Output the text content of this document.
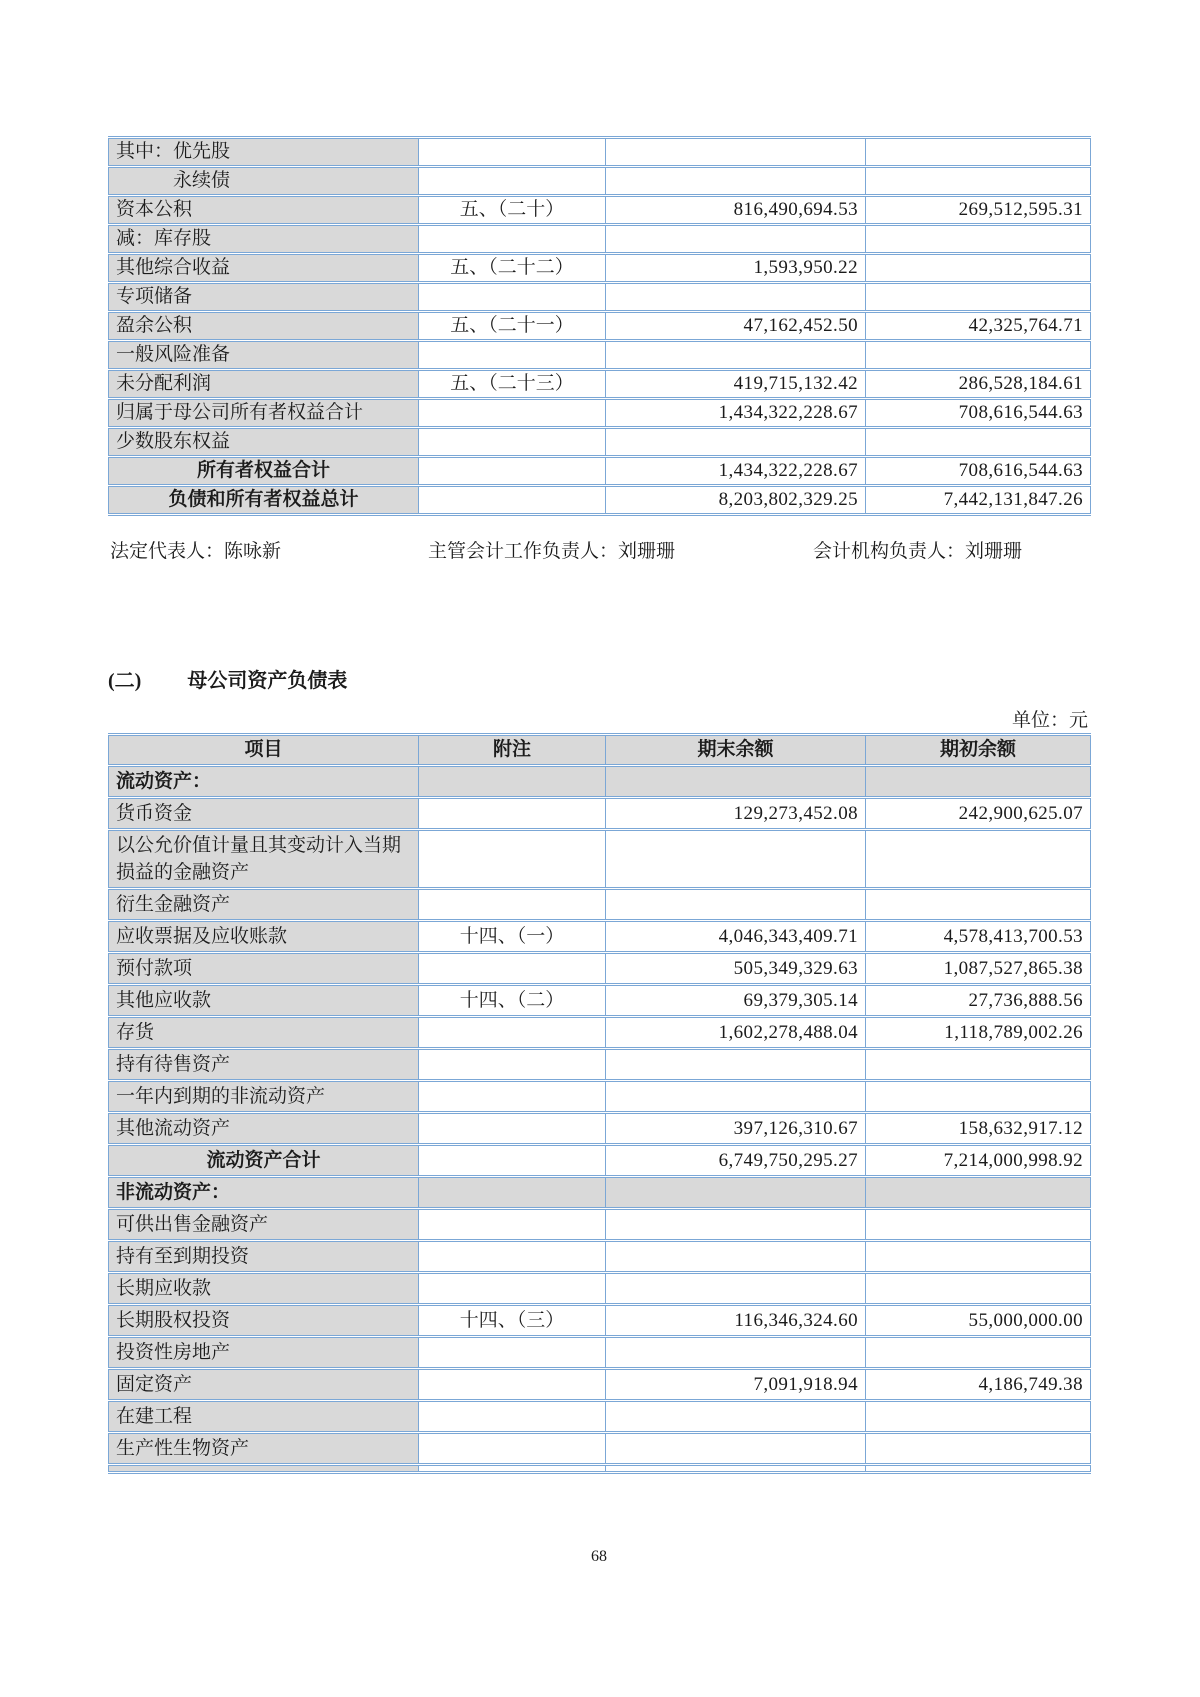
其中：优先股			
永续债			
资本公积	五、（二十）	816,490,694.53	269,512,595.31
减：库存股			
其他综合收益	五、（二十二）	1,593,950.22	
专项储备			
盈余公积	五、（二十一）	47,162,452.50	42,325,764.71
一般风险准备			
未分配利润	五、（二十三）	419,715,132.42	286,528,184.61
归属于母公司所有者权益合计		1,434,322,228.67	708,616,544.63
少数股东权益			
所有者权益合计		1,434,322,228.67	708,616,544.63
负债和所有者权益总计		8,203,802,329.25	7,442,131,847.26
法定代表人：陈咏新	主管会计工作负责人：刘珊珊	会计机构负责人：刘珊珊
(二) 母公司资产负债表
单位：元
项目	附注	期末余额	期初余额
流动资产：			
货币资金		129,273,452.08	242,900,625.07
以公允价值计量且其变动计入当期损益的金融资产			
衍生金融资产			
应收票据及应收账款	十四、（一）	4,046,343,409.71	4,578,413,700.53
预付款项		505,349,329.63	1,087,527,865.38
其他应收款	十四、（二）	69,379,305.14	27,736,888.56
存货		1,602,278,488.04	1,118,789,002.26
持有待售资产			
一年内到期的非流动资产			
其他流动资产		397,126,310.67	158,632,917.12
流动资产合计		6,749,750,295.27	7,214,000,998.92
非流动资产：			
可供出售金融资产			
持有至到期投资			
长期应收款			
长期股权投资	十四、（三）	116,346,324.60	55,000,000.00
投资性房地产			
固定资产		7,091,918.94	4,186,749.38
在建工程			
生产性生物资产			

68
